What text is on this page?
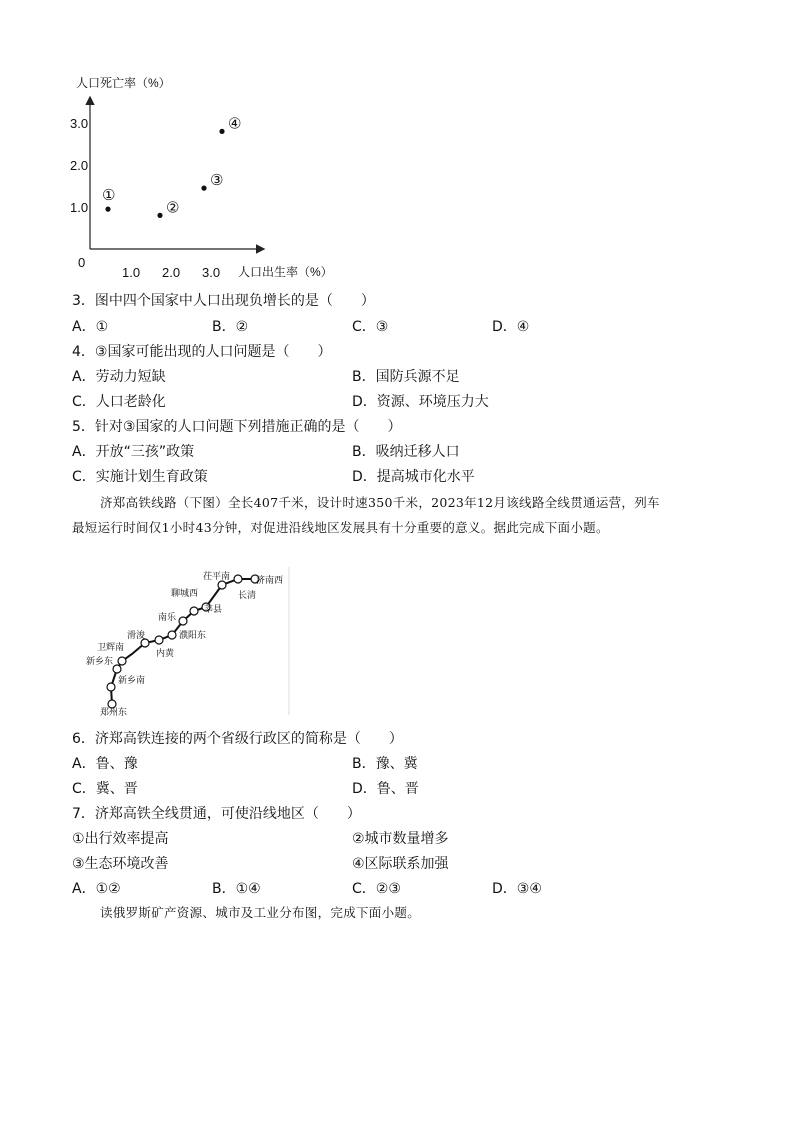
人口死亡率（%）
0
人口出生率（%）
1.0 2.0 3.0
1.0
2.0
3.0
①
②
③
④
3．图中四个国家中人口出现负增长的是（　　）
A．①	B．②	C．③	D．④
4．③国家可能出现的人口问题是（　　）
A．劳动力短缺	B．国防兵源不足
C．人口老龄化	D．资源、环境压力大
5．针对③国家的人口问题下列措施正确的是（　　）
A．开放“三孩”政策	B．吸纳迁移人口
C．实施计划生育政策	D．提高城市化水平
济郑高铁线路（下图）全长407千米，设计时速350千米，2023年12月该线路全线贯通运营，列车
最短运行时间仅1小时43分钟，对促进沿线地区发展具有十分重要的意义。据此完成下面小题。
济南西
长清
茌平南
聊城西
莘县
南乐
濮阳东
内黄
滑浚
卫辉南
新乡东
新乡南
郑州东
6．济郑高铁连接的两个省级行政区的简称是（　　）
A．鲁、豫	B．豫、冀
C．冀、晋	D．鲁、晋
7．济郑高铁全线贯通，可使沿线地区（　　）
①出行效率提高	②城市数量增多
③生态环境改善	④区际联系加强
A．①②	B．①④	C．②③	D．③④
读俄罗斯矿产资源、城市及工业分布图，完成下面小题。
